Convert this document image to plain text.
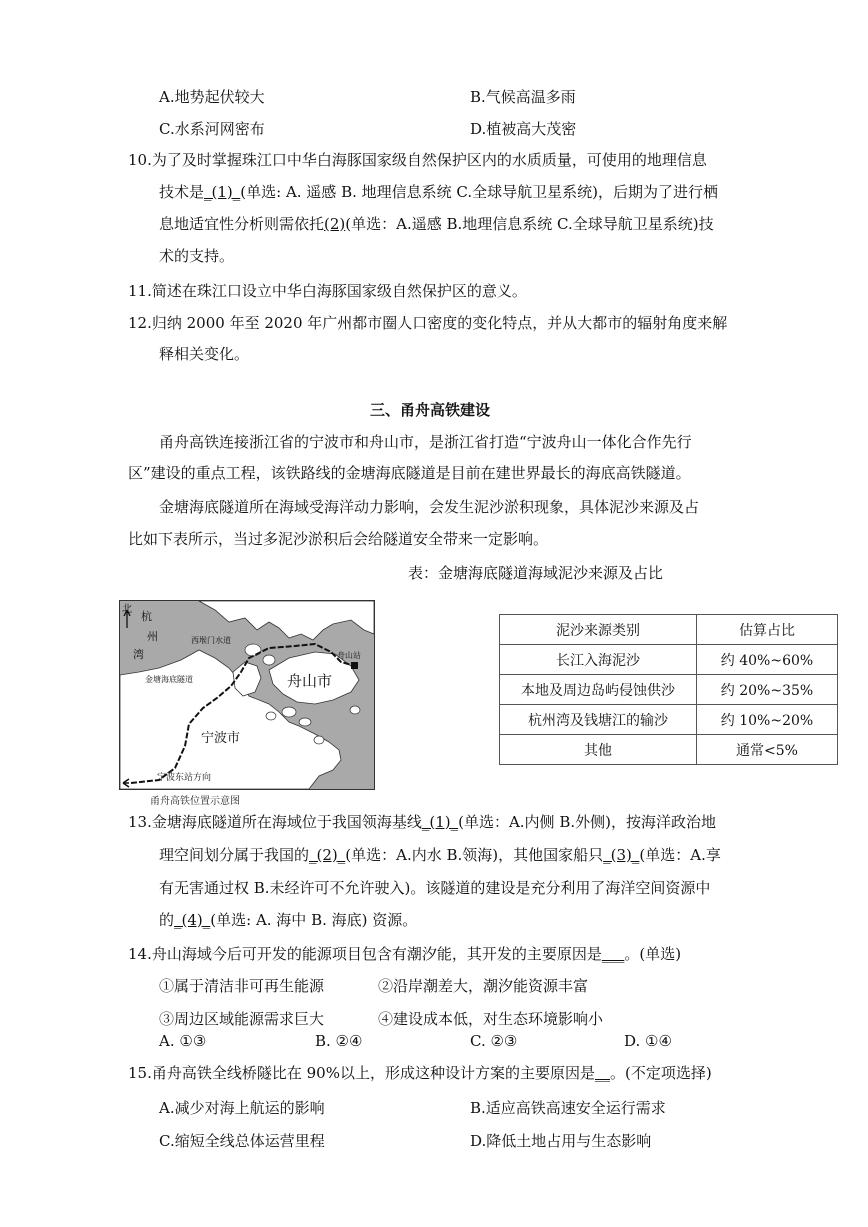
A.地势起伏较大	B.气候高温多雨
C.水系河网密布	D.植被高大茂密
10.为了及时掌握珠江口中华白海豚国家级自然保护区内的水质质量，可使用的地理信息
技术是_(1)_(单选: A. 遥感 B. 地理信息系统 C.全球导航卫星系统)，后期为了进行栖
息地适宜性分析则需依托(2)(单选：A.遥感 B.地理信息系统 C.全球导航卫星系统)技
术的支持。
11.简述在珠江口设立中华白海豚国家级自然保护区的意义。
12.归纳 2000 年至 2020 年广州都市圈人口密度的变化特点，并从大都市的辐射角度来解
释相关变化。
三、甬舟高铁建设
甬舟高铁连接浙江省的宁波市和舟山市，是浙江省打造“宁波舟山一体化合作先行
区”建设的重点工程，该铁路线的金塘海底隧道是目前在建世界最长的海底高铁隧道。
金塘海底隧道所在海域受海洋动力影响，会发生泥沙淤积现象，具体泥沙来源及占
比如下表所示，当过多泥沙淤积后会给隧道安全带来一定影响。
表：金塘海底隧道海域泥沙来源及占比
北
杭
州
湾
西堠门水道
金塘海底隧道	舟山市
舟山站
宁波市
宁波东站方向
甬舟高铁位置示意图
泥沙来源类别	估算占比
长江入海泥沙	约 40%~60%
本地及周边岛屿侵蚀供沙	约 20%~35%
杭州湾及钱塘江的输沙	约 10%~20%
其他	通常<5%
13.金塘海底隧道所在海域位于我国领海基线_(1)_(单选：A.内侧 B.外侧)，按海洋政治地
理空间划分属于我国的_(2)_(单选：A.内水 B.领海)，其他国家船只_(3)_(单选：A.享
有无害通过权 B.未经许可不允许驶入)。该隧道的建设是充分利用了海洋空间资源中
的_(4)_(单选: A. 海中 B. 海底) 资源。
14.舟山海域今后可开发的能源项目包含有潮汐能，其开发的主要原因是___。(单选)
①属于清洁非可再生能源	②沿岸潮差大，潮汐能资源丰富
③周边区域能源需求巨大	④建设成本低，对生态环境影响小
A. ①③	B. ②④	C. ②③	D. ①④
15.甬舟高铁全线桥隧比在 90%以上，形成这种设计方案的主要原因是__。(不定项选择)
A.减少对海上航运的影响	B.适应高铁高速安全运行需求
C.缩短全线总体运营里程	D.降低土地占用与生态影响
